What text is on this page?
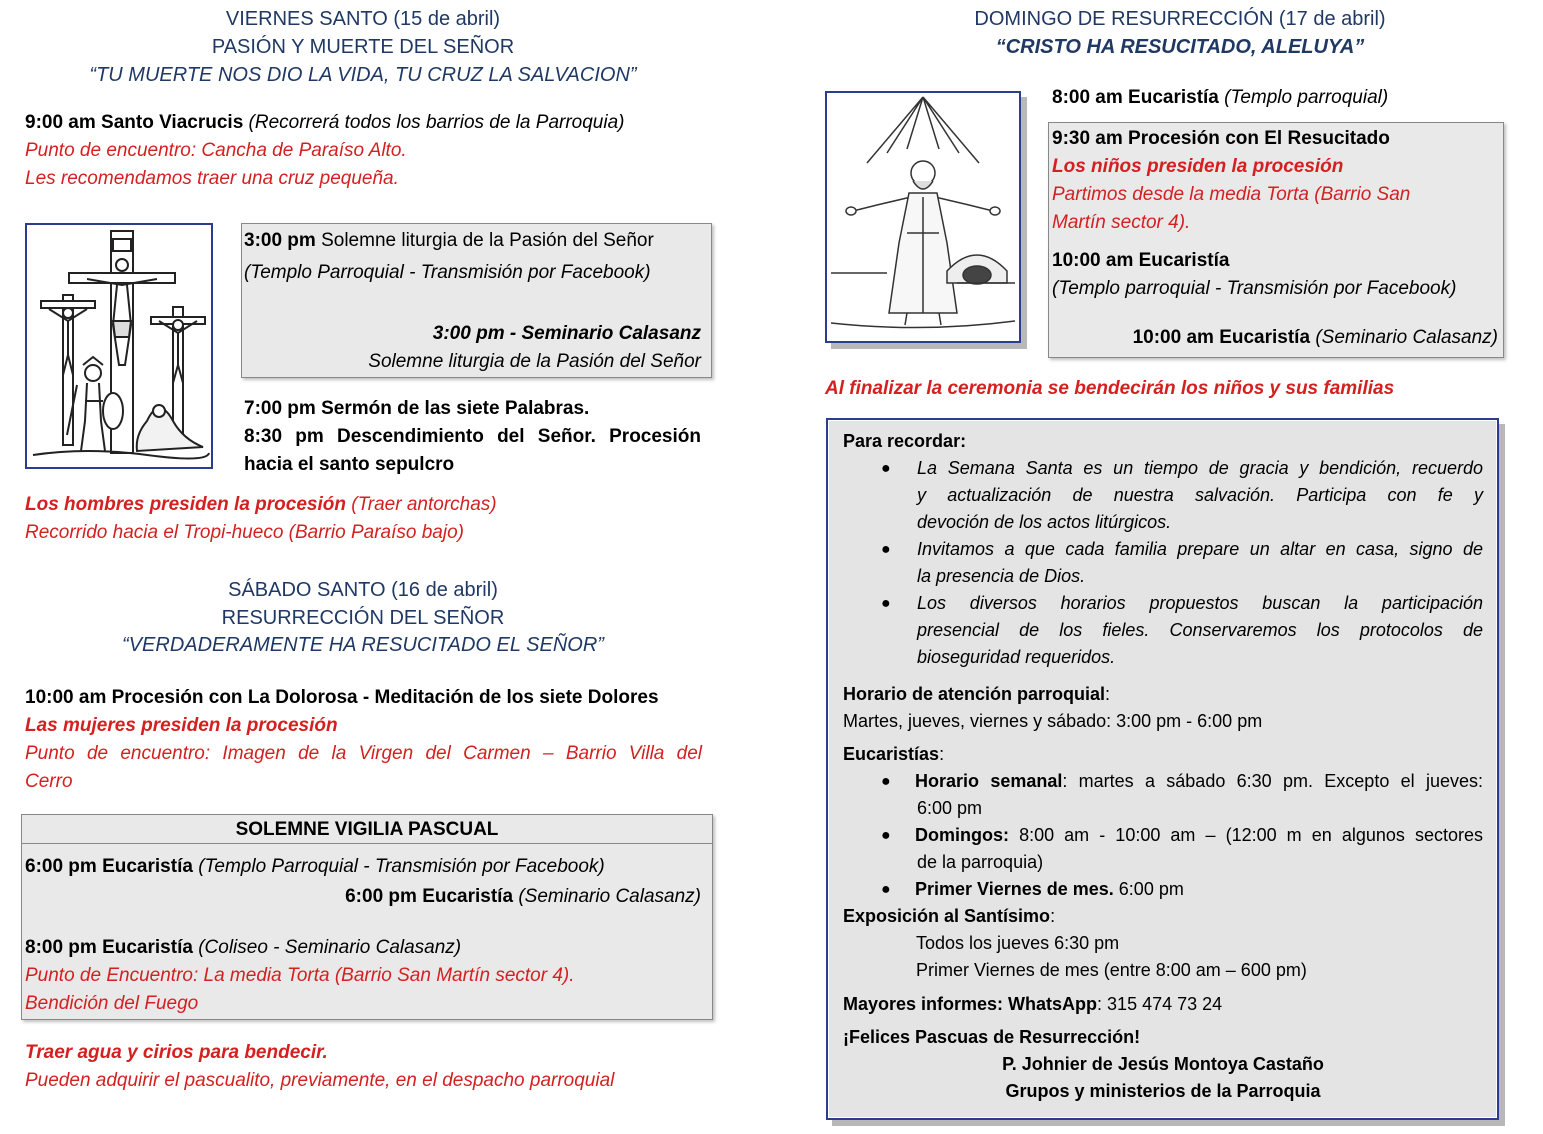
VIERNES SANTO (15 de abril)
PASIÓN Y MUERTE DEL SEÑOR
“TU MUERTE NOS DIO LA VIDA, TU CRUZ LA SALVACION”
9:00 am Santo Viacrucis (Recorrerá todos los barrios de la Parroquia)
Punto de encuentro: Cancha de Paraíso Alto.
Les recomendamos traer una cruz pequeña.
3:00 pm Solemne liturgia de la Pasión del Señor
(Templo Parroquial - Transmisión por Facebook)
3:00 pm - Seminario Calasanz
Solemne liturgia de la Pasión del Señor
7:00 pm Sermón de las siete Palabras.
8:30 pm Descendimiento del Señor. Procesión
hacia el santo sepulcro
Los hombres presiden la procesión (Traer antorchas)
Recorrido hacia el Tropi-hueco (Barrio Paraíso bajo)
SÁBADO SANTO (16 de abril)
RESURRECCIÓN DEL SEÑOR
“VERDADERAMENTE HA RESUCITADO EL SEÑOR”
10:00 am Procesión con La Dolorosa - Meditación de los siete Dolores
Las mujeres presiden la procesión
Punto de encuentro: Imagen de la Virgen del Carmen – Barrio Villa del
Cerro
SOLEMNE VIGILIA PASCUAL
6:00 pm Eucaristía (Templo Parroquial - Transmisión por Facebook)
6:00 pm Eucaristía (Seminario Calasanz)
8:00 pm Eucaristía (Coliseo - Seminario Calasanz)
Punto de Encuentro: La media Torta (Barrio San Martín sector 4).
Bendición del Fuego
Traer agua y cirios para bendecir.
Pueden adquirir el pascualito, previamente, en el despacho parroquial
DOMINGO DE RESURRECCIÓN (17 de abril)
“CRISTO HA RESUCITADO, ALELUYA”
8:00 am Eucaristía (Templo parroquial)
9:30 am Procesión con El Resucitado
Los niños presiden la procesión
Partimos desde la media Torta (Barrio San
Martín sector 4).
10:00 am Eucaristía
(Templo parroquial - Transmisión por Facebook)
10:00 am Eucaristía (Seminario Calasanz)
Al finalizar la ceremonia se bendecirán los niños y sus familias
Para recordar:
● La Semana Santa es un tiempo de gracia y bendición, recuerdo
y actualización de nuestra salvación. Participa con fe y
devoción de los actos litúrgicos.
● Invitamos a que cada familia prepare un altar en casa, signo de
la presencia de Dios.
● Los diversos horarios propuestos buscan la participación
presencial de los fieles. Conservaremos los protocolos de
bioseguridad requeridos.
Horario de atención parroquial:
Martes, jueves, viernes y sábado: 3:00 pm - 6:00 pm
Eucaristías:
● Horario semanal: martes a sábado 6:30 pm. Excepto el jueves:
6:00 pm
● Domingos: 8:00 am - 10:00 am – (12:00 m en algunos sectores
de la parroquia)
● Primer Viernes de mes. 6:00 pm
Exposición al Santísimo:
Todos los jueves 6:30 pm
Primer Viernes de mes (entre 8:00 am – 600 pm)
Mayores informes: WhatsApp: 315 474 73 24
¡Felices Pascuas de Resurrección!
P. Johnier de Jesús Montoya Castaño
Grupos y ministerios de la Parroquia
